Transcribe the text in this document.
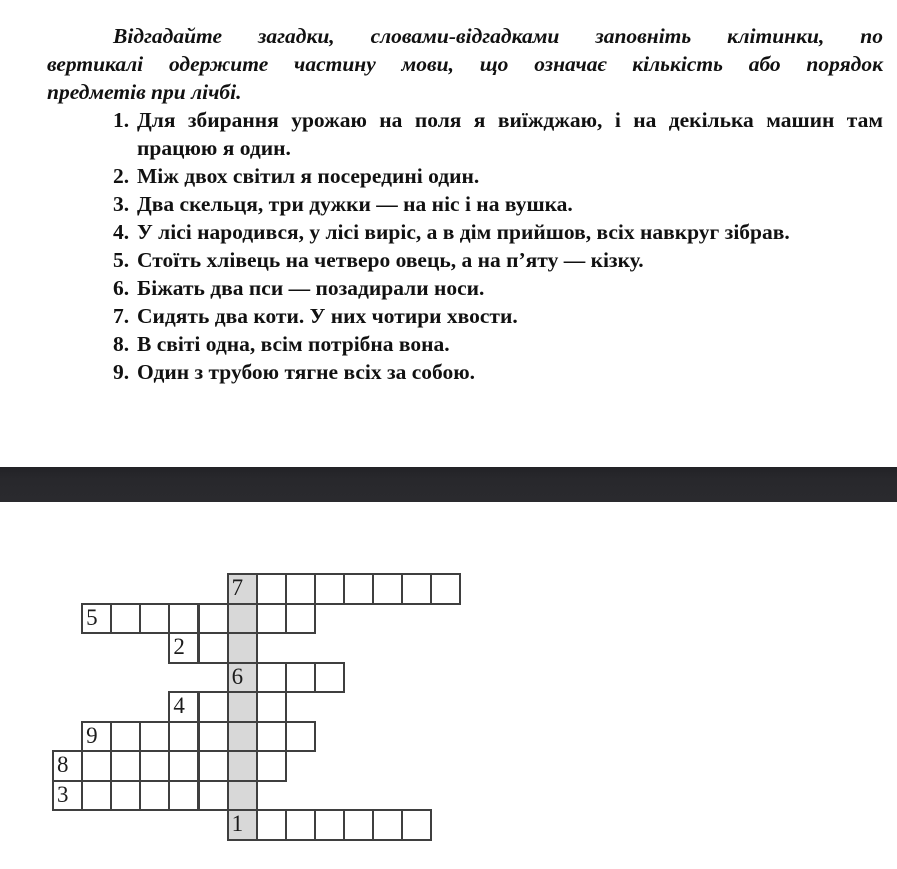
Відгадайте загадки, словами-відгадками заповніть клітинки, по
вертикалі одержите частину мови, що означає кількість або порядок
предметів при лічбі.
1. Для збирання урожаю на поля я виїжджаю, і на декілька машин там
працюю я один.
2. Між двох світил я посередині один.
3. Два скельця, три дужки — на ніс і на вушка.
4. У лісі народився, у лісі виріс, а в дім прийшов, всіх навкруг зібрав.
5. Стоїть хлівець на четверо овець, а на п’яту — кізку.
6. Біжать два пси — позадирали носи.
7. Сидять два коти. У них чотири хвости.
8. В світі одна, всім потрібна вона.
9. Один з трубою тягне всіх за собою.
7
5
2
6
4
9
8
3
1
